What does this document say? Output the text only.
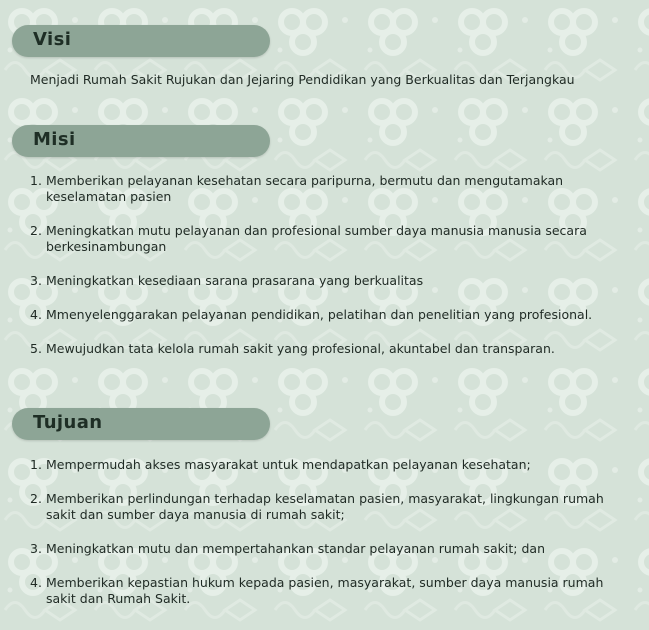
Visi
Menjadi Rumah Sakit Rujukan dan Jejaring Pendidikan yang Berkualitas dan Terjangkau
Misi
1. Memberikan pelayanan kesehatan secara paripurna, bermutu dan mengutamakan keselamatan pasien
2. Meningkatkan mutu pelayanan dan profesional sumber daya manusia manusia secara berkesinambungan
3. Meningkatkan kesediaan sarana prasarana yang berkualitas
4. Mmenyelenggarakan pelayanan pendidikan, pelatihan dan penelitian yang profesional.
5. Mewujudkan tata kelola rumah sakit yang profesional, akuntabel dan transparan.
Tujuan
1. Mempermudah akses masyarakat untuk mendapatkan pelayanan kesehatan;
2. Memberikan perlindungan terhadap keselamatan pasien, masyarakat, lingkungan rumah sakit dan sumber daya manusia di rumah sakit;
3. Meningkatkan mutu dan mempertahankan standar pelayanan rumah sakit; dan
4. Memberikan kepastian hukum kepada pasien, masyarakat, sumber daya manusia rumah sakit dan Rumah Sakit.
